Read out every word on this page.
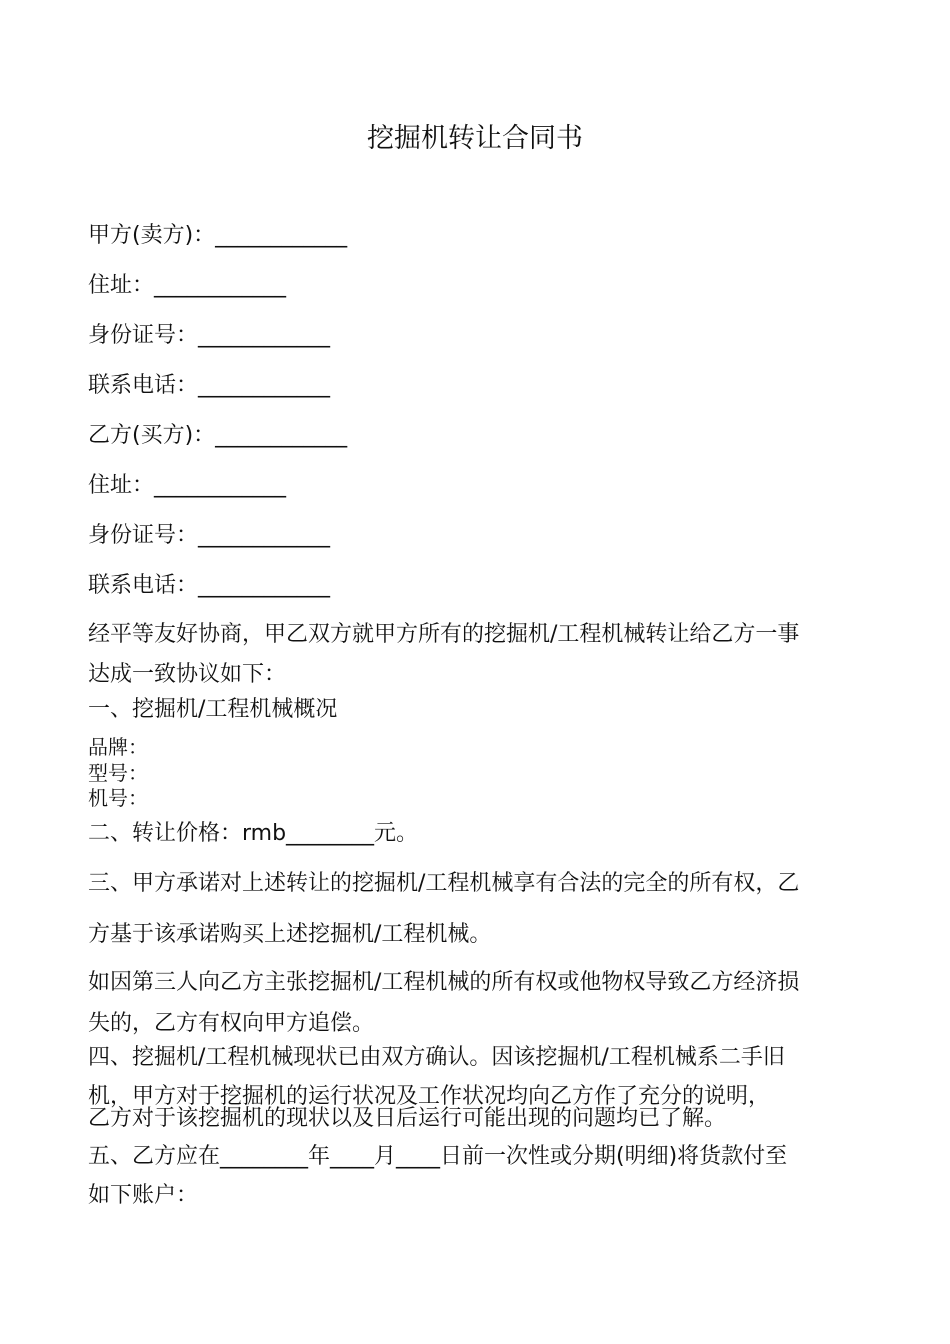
挖掘机转让合同书
甲方(卖方)：____________
住址：____________
身份证号：____________
联系电话：____________
乙方(买方)：____________
住址：____________
身份证号：____________
联系电话：____________
经平等友好协商，甲乙双方就甲方所有的挖掘机/工程机械转让给乙方一事
达成一致协议如下：
一、挖掘机/工程机械概况
品牌：
型号：
机号：
二、转让价格：rmb________元。
三、甲方承诺对上述转让的挖掘机/工程机械享有合法的完全的所有权，乙
方基于该承诺购买上述挖掘机/工程机械。
如因第三人向乙方主张挖掘机/工程机械的所有权或他物权导致乙方经济损
失的，乙方有权向甲方追偿。
四、挖掘机/工程机械现状已由双方确认。因该挖掘机/工程机械系二手旧
机，甲方对于挖掘机的运行状况及工作状况均向乙方作了充分的说明，
乙方对于该挖掘机的现状以及日后运行可能出现的问题均已了解。
五、乙方应在________年____月____日前一次性或分期(明细)将货款付至
如下账户：
